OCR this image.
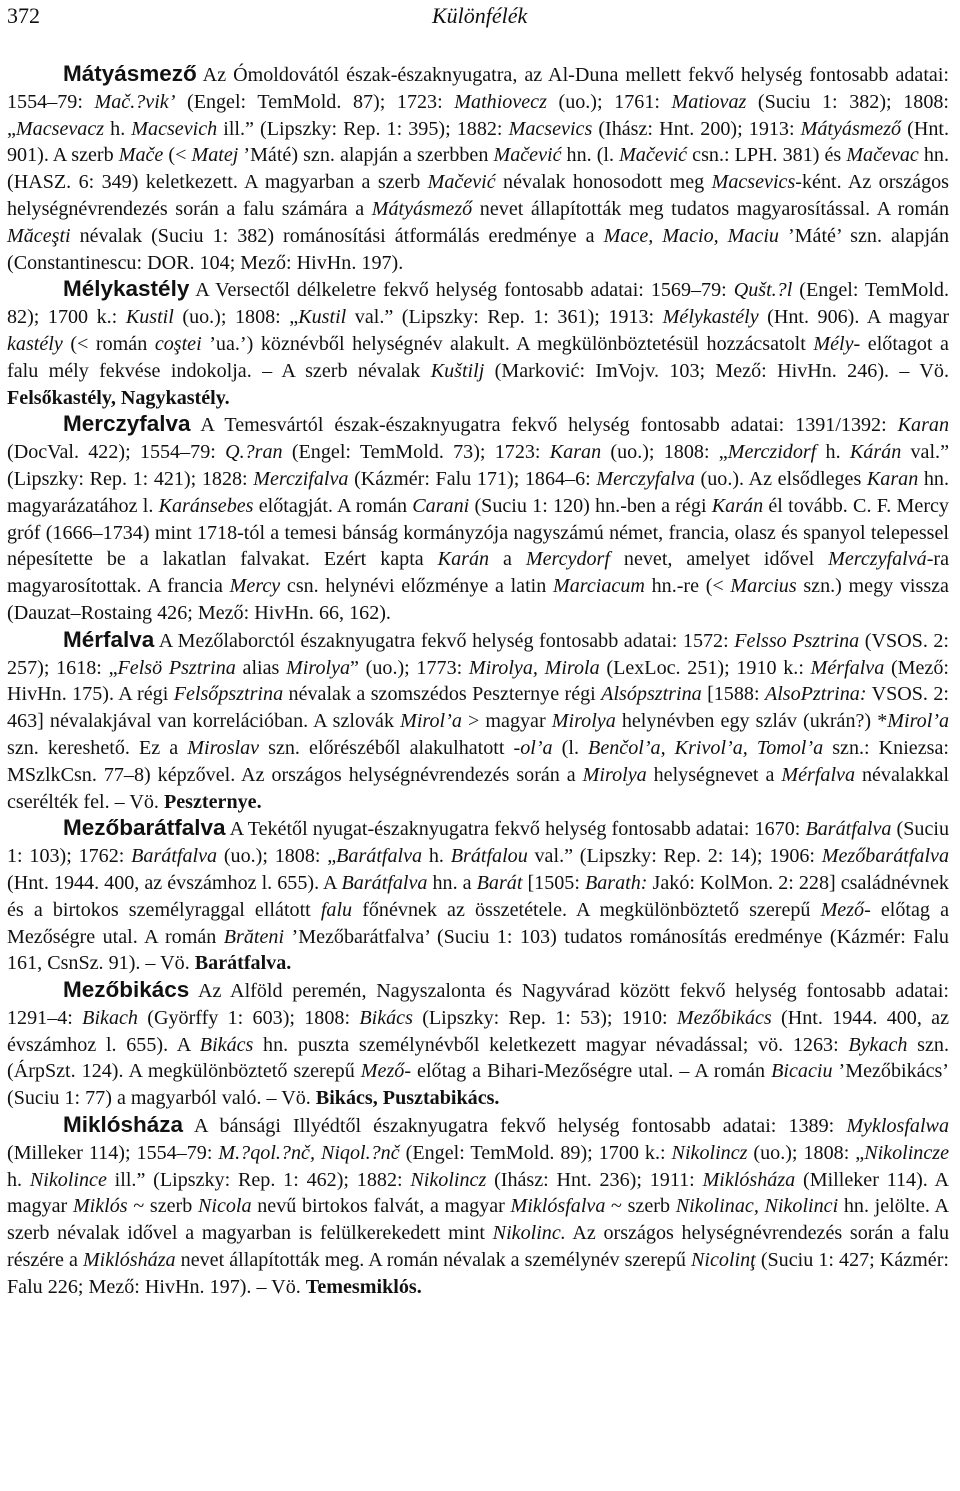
372	Különfélék

Mátyásmező Az Ómoldovától észak-északnyugatra, az Al-Duna mellett fekvő helység fontosabb adatai: 1554–79: Mač.?vik’ (Engel: TemMold. 87); 1723: Mathiovecz (uo.); 1761: Matiovaz (Suciu 1: 382); 1808: „Macsevacz h. Macsevich ill.” (Lipszky: Rep. 1: 395); 1882: Macsevics (Ihász: Hnt. 200); 1913: Mátyásmező (Hnt. 901). A szerb Mače (< Matej ’Máté) szn. alapján a szerbben Mačević hn. (l. Mačević csn.: LPH. 381) és Mačevac hn. (HASZ. 6: 349) keletkezett. A magyarban a szerb Mačević névalak honosodott meg Macsevics-ként. Az országos helységnévrendezés során a falu számára a Mátyásmező nevet állapították meg tudatos magyarosítással. A román Măceşti névalak (Suciu 1: 382) románosítási átformálás eredménye a Mace, Macio, Maciu ’Máté’ szn. alapján (Constantinescu: DOR. 104; Mező: HivHn. 197).

Mélykastély A Versectől délkeletre fekvő helység fontosabb adatai: 1569–79: Qušt.?l (Engel: TemMold. 82); 1700 k.: Kustil (uo.); 1808: „Kustil val.” (Lipszky: Rep. 1: 361); 1913: Mélykastély (Hnt. 906). A magyar kastély (< román coştei ’ua.’) köznévből helységnév alakult. A megkülönböztetésül hozzácsatolt Mély- előtagot a falu mély fekvése indokolja. – A szerb névalak Kuštilj (Marković: ImVojv. 103; Mező: HivHn. 246). – Vö. Felsőkastély, Nagykastély.

Merczyfalva A Temesvártól észak-északnyugatra fekvő helység fontosabb adatai: 1391/1392: Karan (DocVal. 422); 1554–79: Q.?ran (Engel: TemMold. 73); 1723: Karan (uo.); 1808: „Merczidorf h. Kárán val.” (Lipszky: Rep. 1: 421); 1828: Merczifalva (Kázmér: Falu 171); 1864–6: Merczyfalva (uo.). Az elsődleges Karan hn. magyarázatához l. Karánsebes előtagját. A román Carani (Suciu 1: 120) hn.-ben a régi Karán él tovább. C. F. Mercy gróf (1666–1734) mint 1718-tól a temesi bánság kormányzója nagyszámú német, francia, olasz és spanyol telepessel népesítette be a lakatlan falvakat. Ezért kapta Karán a Mercydorf nevet, amelyet idővel Merczyfalvá-ra magyarosítottak. A francia Mercy csn. helynévi előzménye a latin Marciacum hn.-re (< Marcius szn.) megy vissza (Dauzat–Rostaing 426; Mező: HivHn. 66, 162).

Mérfalva A Mezőlaborctól északnyugatra fekvő helység fontosabb adatai: 1572: Felsso Psztrina (VSOS. 2: 257); 1618: „Felsö Psztrina alias Mirolya” (uo.); 1773: Mirolya, Mirola (LexLoc. 251); 1910 k.: Mérfalva (Mező: HivHn. 175). A régi Felsőpsztrina névalak a szomszédos Peszternye régi Alsópsztrina [1588: AlsoPztrina: VSOS. 2: 463] névalakjával van korrelációban. A szlovák Mirol’a > magyar Mirolya helynévben egy szláv (ukrán?) *Mirol’a szn. kereshető. Ez a Miroslav szn. előrészéből alakulhatott -ol’a (l. Benčol’a, Krivol’a, Tomol’a szn.: Kniezsa: MSzlkCsn. 77–8) képzővel. Az országos helységnévrendezés során a Mirolya helységnevet a Mérfalva névalakkal cserélték fel. – Vö. Peszternye.

Mezőbarátfalva A Tekétől nyugat-északnyugatra fekvő helység fontosabb adatai: 1670: Barátfalva (Suciu 1: 103); 1762: Barátfalva (uo.); 1808: „Barátfalva h. Brátfalou val.” (Lipszky: Rep. 2: 14); 1906: Mezőbarátfalva (Hnt. 1944. 400, az évszámhoz l. 655). A Barátfalva hn. a Barát [1505: Barath: Jakó: KolMon. 2: 228] családnévnek és a birtokos személyraggal ellátott falu főnévnek az összetétele. A megkülönböztető szerepű Mező- előtag a Mezőségre utal. A román Brăteni ’Mezőbarátfalva’ (Suciu 1: 103) tudatos románosítás eredménye (Kázmér: Falu 161, CsnSz. 91). – Vö. Barátfalva.

Mezőbikács Az Alföld peremén, Nagyszalonta és Nagyvárad között fekvő helység fontosabb adatai: 1291–4: Bikach (Györffy 1: 603); 1808: Bikács (Lipszky: Rep. 1: 53); 1910: Mezőbikács (Hnt. 1944. 400, az évszámhoz l. 655). A Bikács hn. puszta személynévből keletkezett magyar névadással; vö. 1263: Bykach szn. (ÁrpSzt. 124). A megkülönböztető szerepű Mező- előtag a Bihari-Mezőségre utal. – A román Bicaciu ’Mezőbikács’ (Suciu 1: 77) a magyarból való. – Vö. Bikács, Pusztabikács.

Miklósháza A bánsági Illyédtől északnyugatra fekvő helység fontosabb adatai: 1389: Myklosfalwa (Milleker 114); 1554–79: M.?qol.?nč, Niqol.?nč (Engel: TemMold. 89); 1700 k.: Nikolincz (uo.); 1808: „Nikolincze h. Nikolince ill.” (Lipszky: Rep. 1: 462); 1882: Nikolincz (Ihász: Hnt. 236); 1911: Miklósháza (Milleker 114). A magyar Miklós ~ szerb Nicola nevű birtokos falvát, a magyar Miklósfalva ~ szerb Nikolinac, Nikolinci hn. jelölte. A szerb névalak idővel a magyarban is felülkerekedett mint Nikolinc. Az országos helységnévrendezés során a falu részére a Miklósháza nevet állapították meg. A román névalak a személynév szerepű Nicolinţ (Suciu 1: 427; Kázmér: Falu 226; Mező: HivHn. 197). – Vö. Temesmiklós.
